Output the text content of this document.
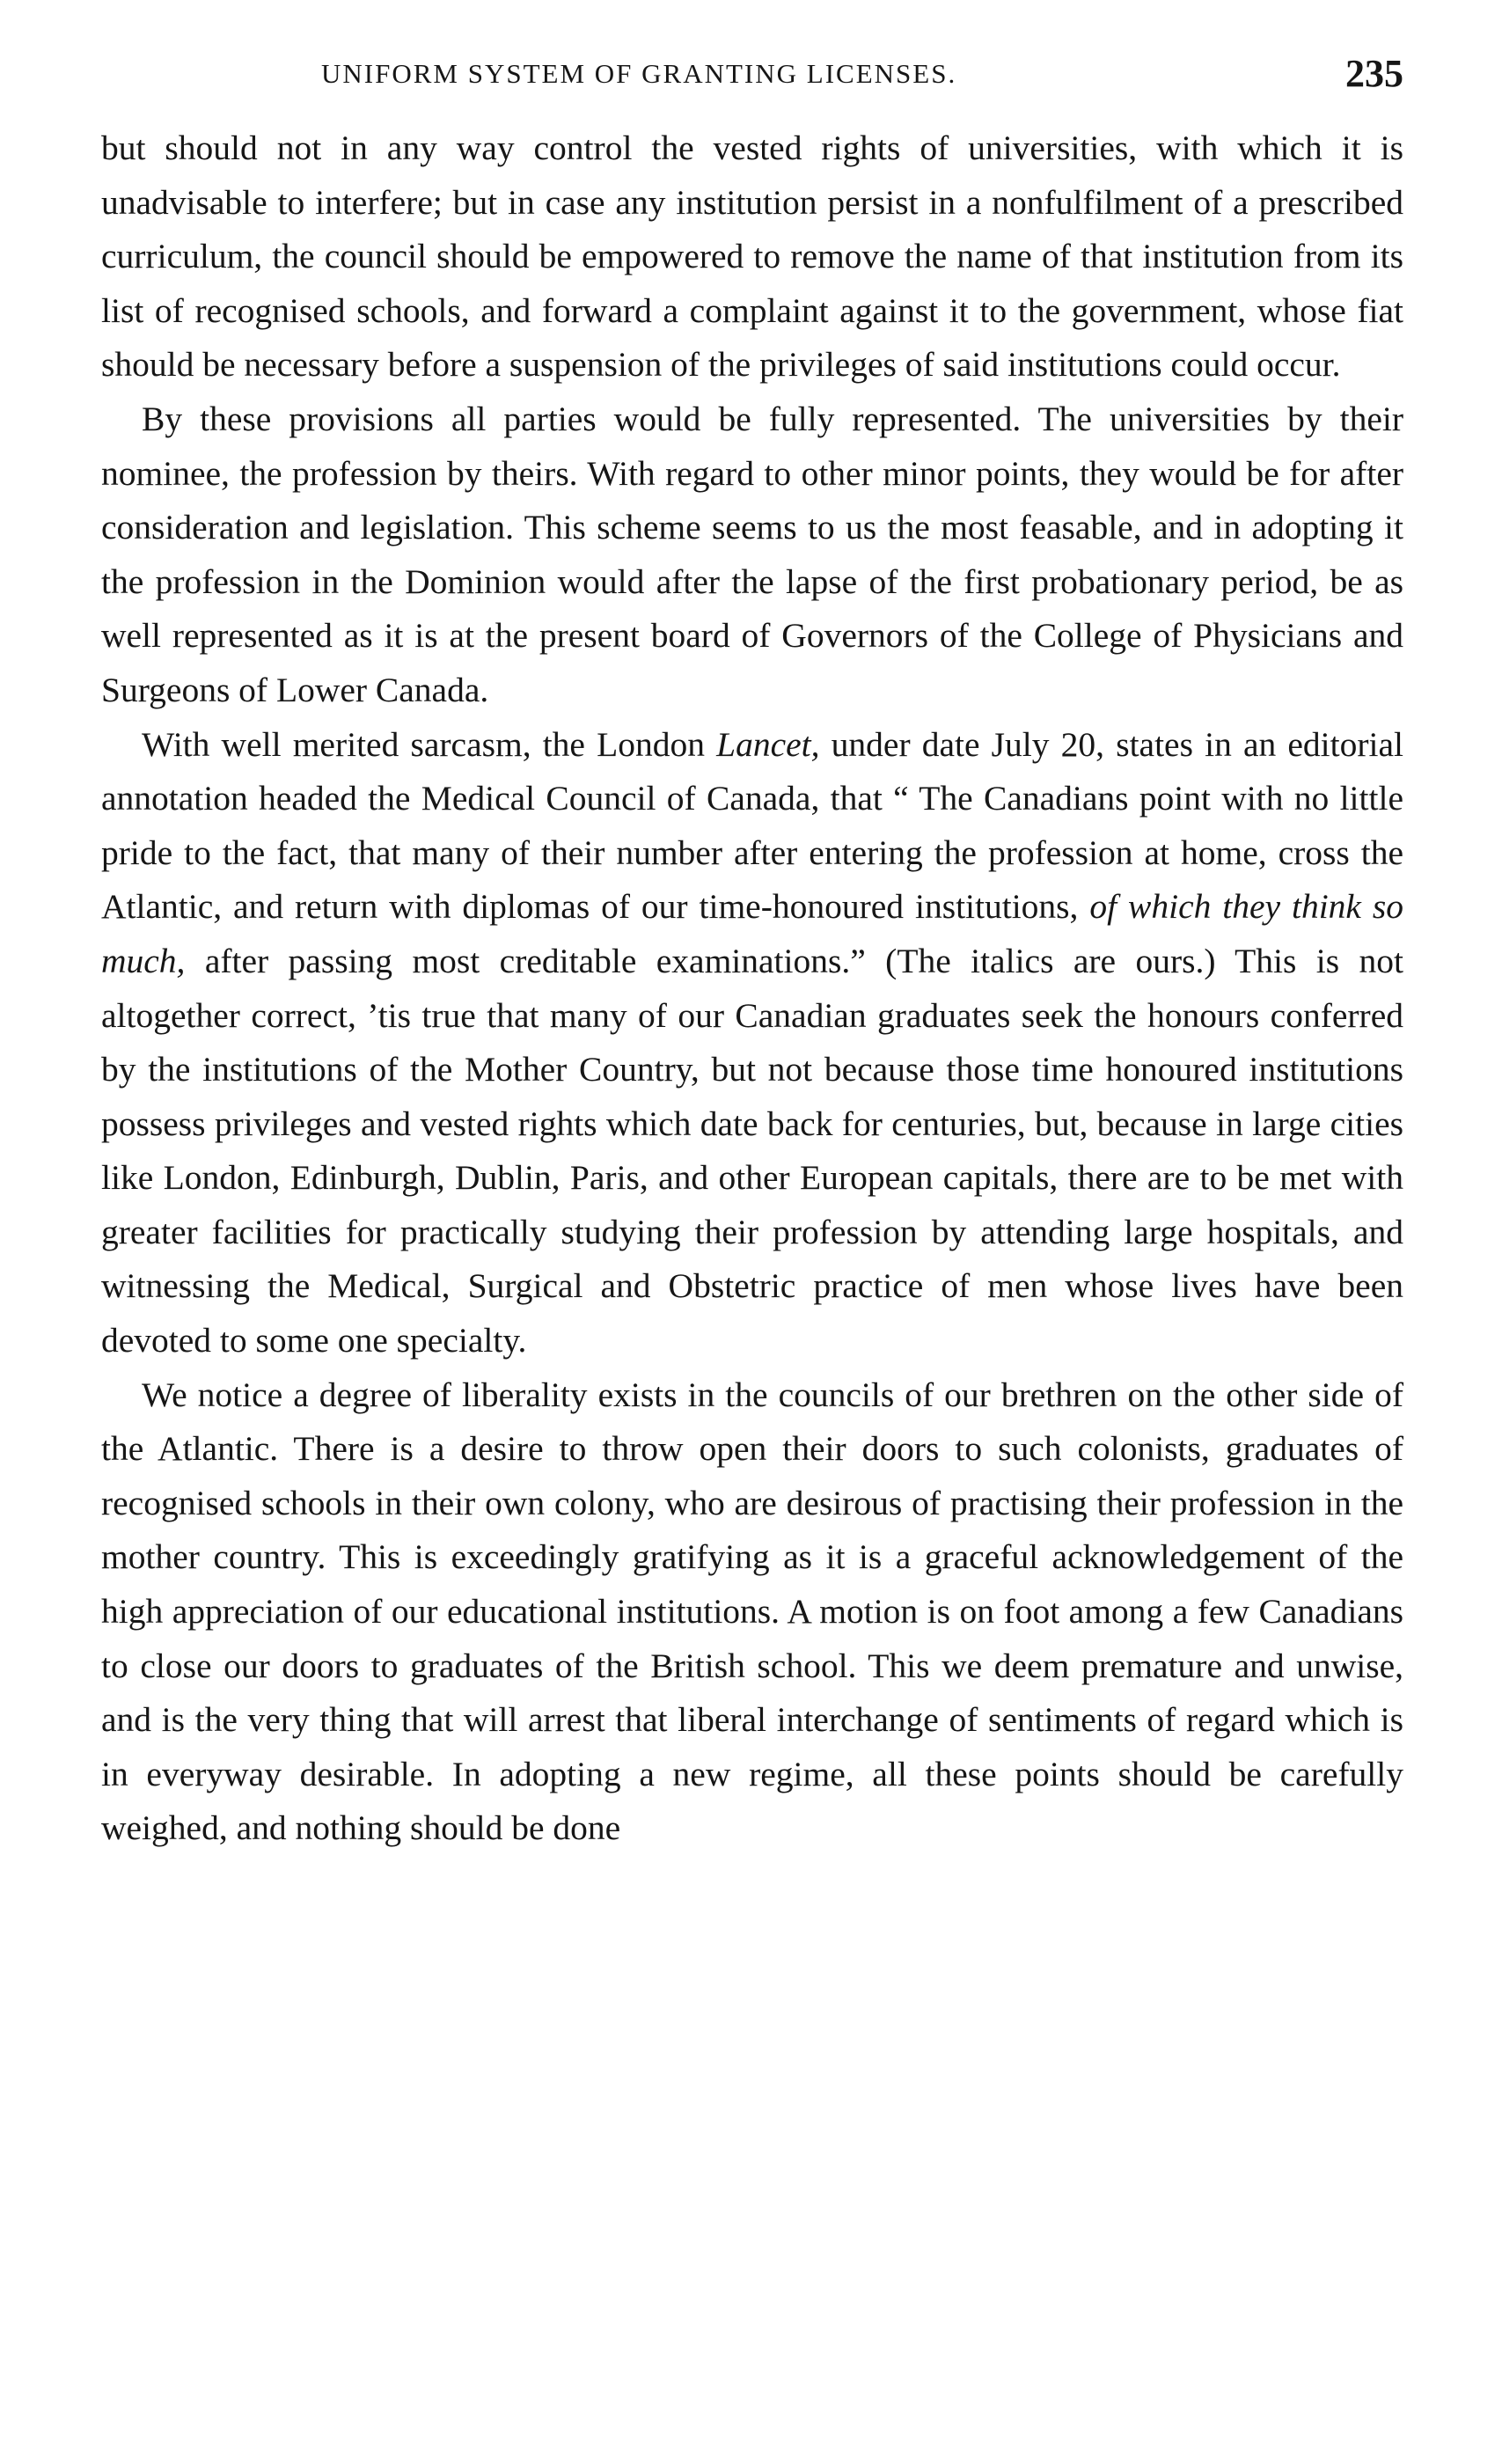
UNIFORM SYSTEM OF GRANTING LICENSES.	235

but should not in any way control the vested rights of universities, with which it is unadvisable to interfere; but in case any institution persist in a nonfulfilment of a prescribed curriculum, the council should be empowered to remove the name of that institution from its list of recognised schools, and forward a complaint against it to the government, whose fiat should be necessary before a suspension of the privileges of said institutions could occur.

By these provisions all parties would be fully represented. The universities by their nominee, the profession by theirs. With regard to other minor points, they would be for after consideration and legislation. This scheme seems to us the most feasable, and in adopting it the profession in the Dominion would after the lapse of the first probationary period, be as well represented as it is at the present board of Governors of the College of Physicians and Surgeons of Lower Canada.

With well merited sarcasm, the London Lancet, under date July 20, states in an editorial annotation headed the Medical Council of Canada, that “ The Canadians point with no little pride to the fact, that many of their number after entering the profession at home, cross the Atlantic, and return with diplomas of our time-honoured institutions, of which they think so much, after passing most creditable examinations.” (The italics are ours.) This is not altogether correct, ’tis true that many of our Canadian graduates seek the honours conferred by the institutions of the Mother Country, but not because those time honoured institutions possess privileges and vested rights which date back for centuries, but, because in large cities like London, Edinburgh, Dublin, Paris, and other European capitals, there are to be met with greater facilities for practically studying their profession by attending large hospitals, and witnessing the Medical, Surgical and Obstetric practice of men whose lives have been devoted to some one specialty.

We notice a degree of liberality exists in the councils of our brethren on the other side of the Atlantic. There is a desire to throw open their doors to such colonists, graduates of recognised schools in their own colony, who are desirous of practising their profession in the mother country. This is exceedingly gratifying as it is a graceful acknowledgement of the high appreciation of our educational institutions. A motion is on foot among a few Canadians to close our doors to graduates of the British school. This we deem premature and unwise, and is the very thing that will arrest that liberal interchange of sentiments of regard which is in everyway desirable. In adopting a new regime, all these points should be carefully weighed, and nothing should be done
